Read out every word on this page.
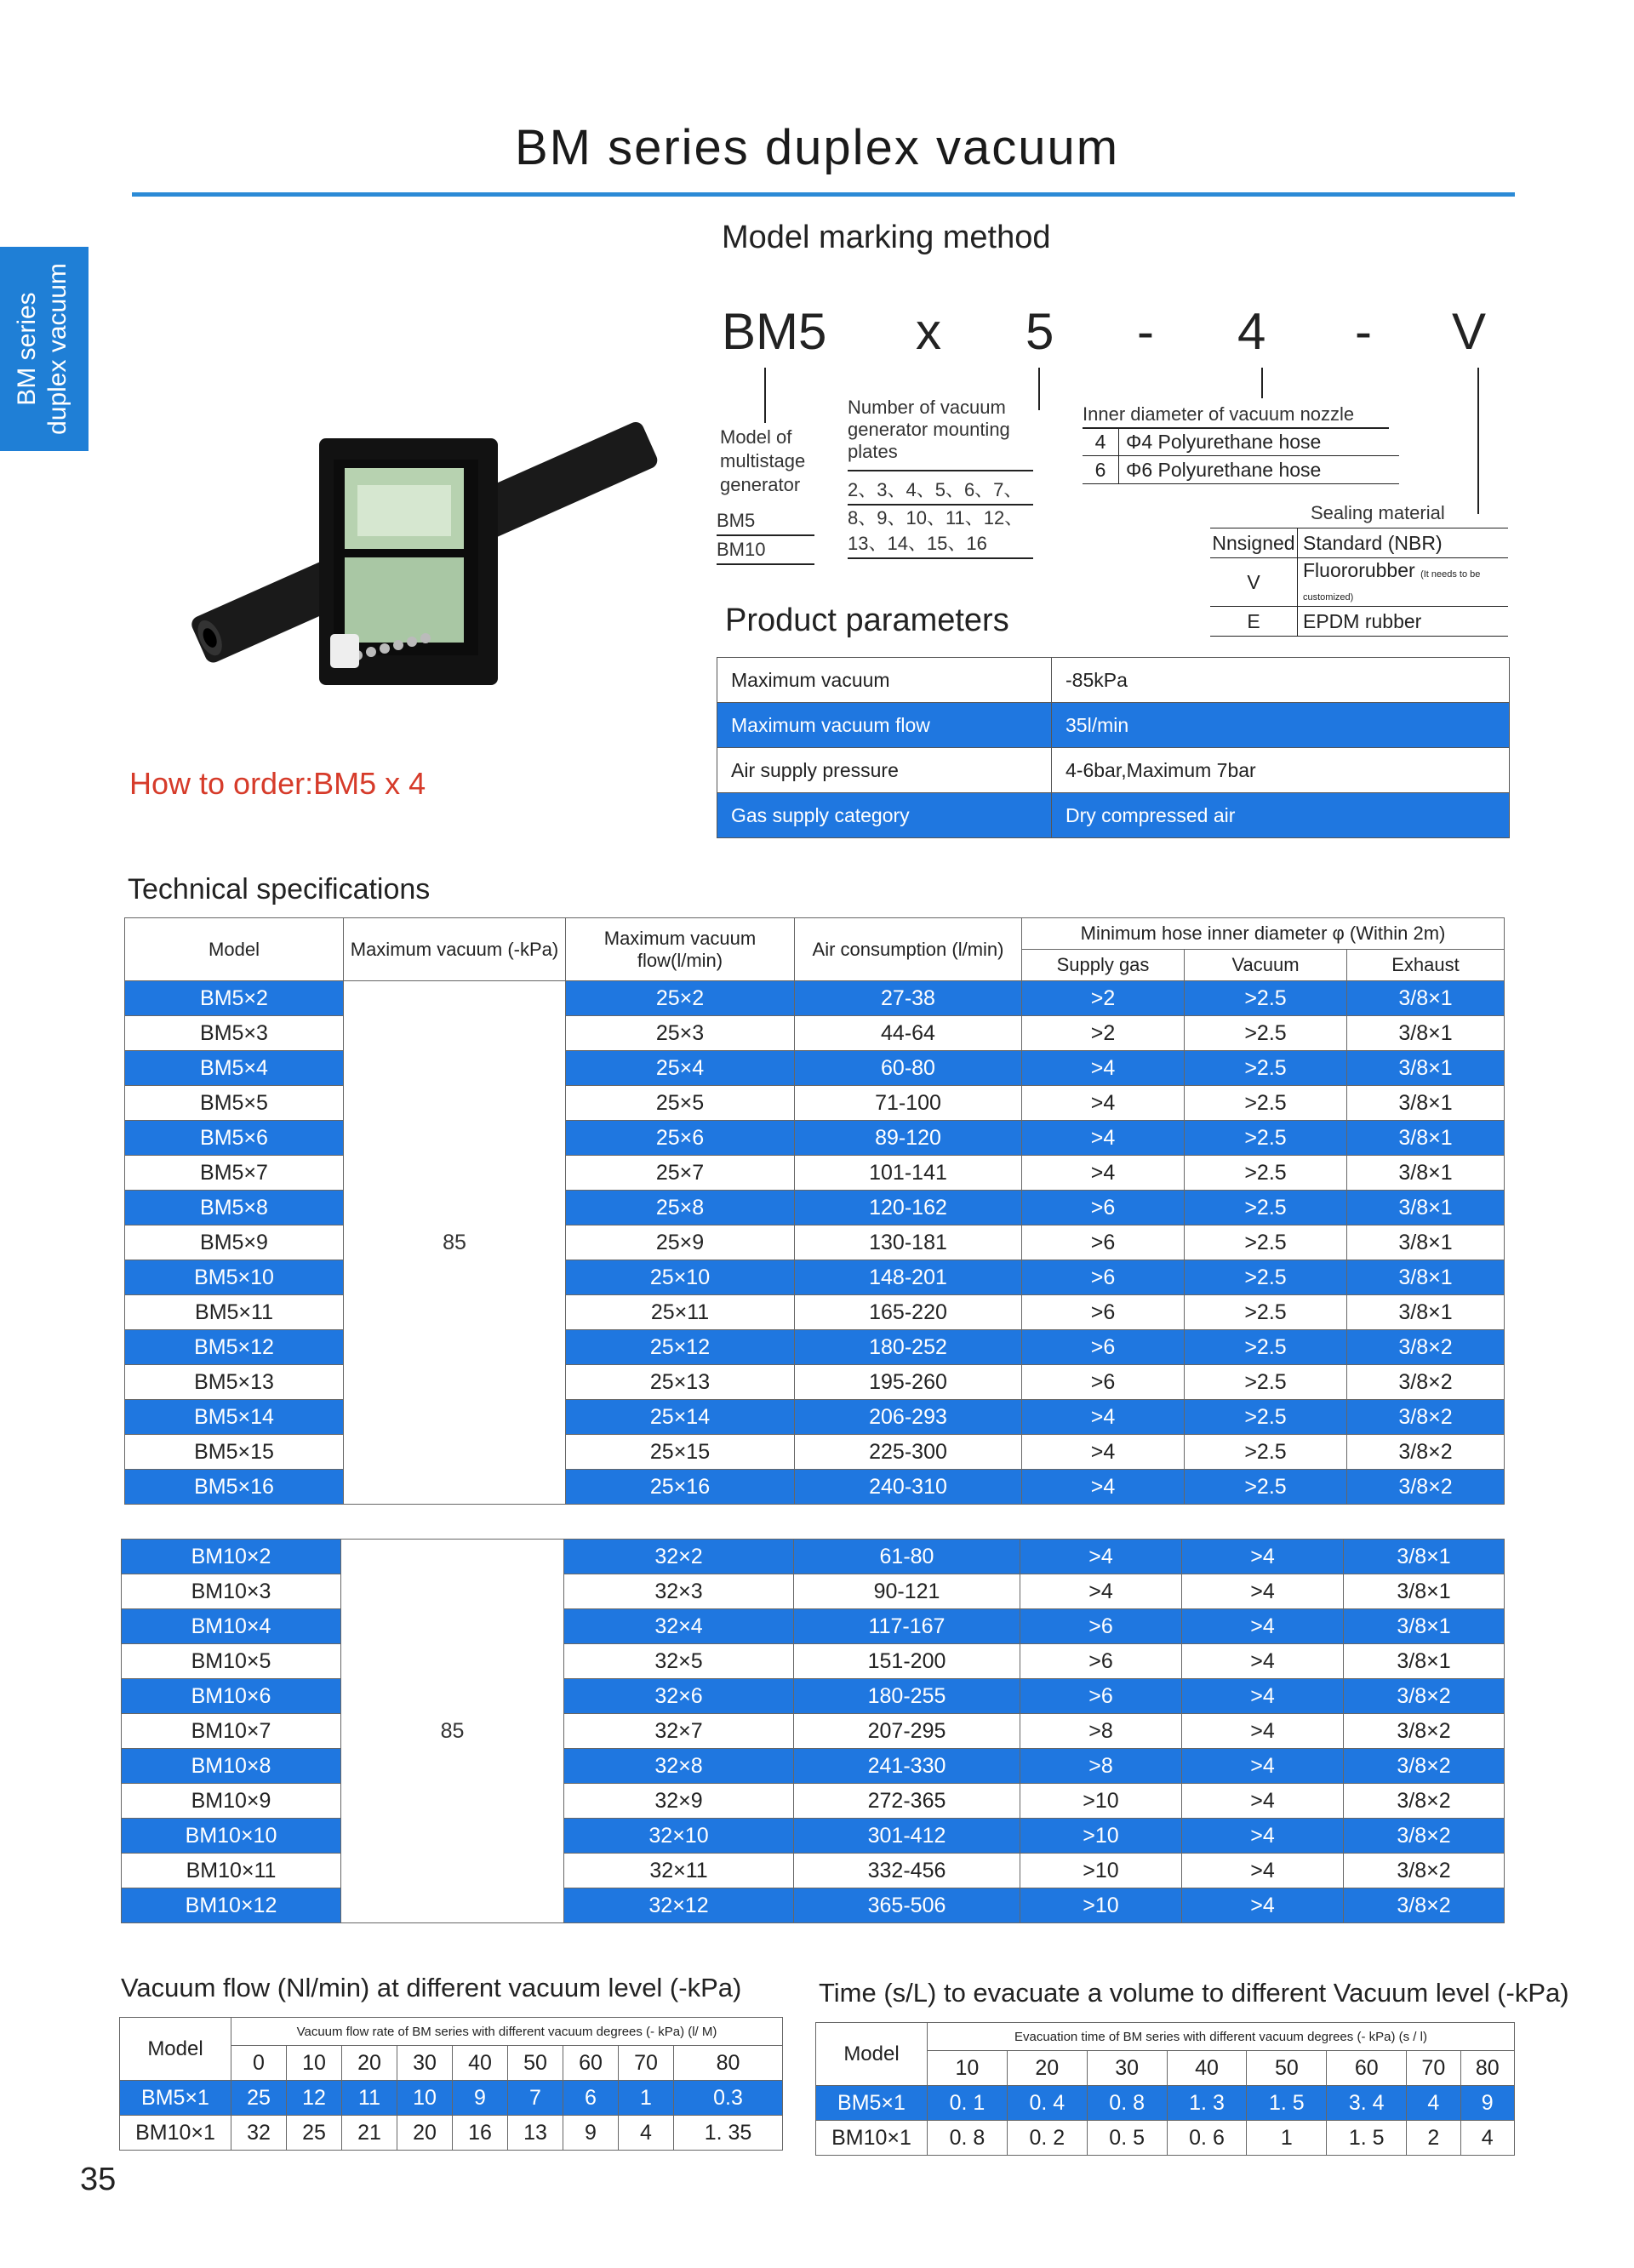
BM series duplex vacuum
BM series duplex vacuum
Model marking method
BM5 x 5 - 4 - V
Model of multistage generator
BM5
BM10
Number of vacuum generator mounting plates
2、3、4、5、6、7、
8、9、10、11、12、
13、14、15、16
Inner diameter of vacuum nozzle
4	Φ4 Polyurethane hose
6	Φ6 Polyurethane hose
Sealing material
Nnsigned	Standard (NBR)
V	Fluororubber (It needs to be customized)
E	EPDM rubber
How to order:BM5 x 4
Product parameters
Maximum vacuum	-85kPa
Maximum vacuum flow	35l/min
Air supply pressure	4-6bar,Maximum 7bar
Gas supply category	Dry compressed air
Technical specifications
Model	Maximum vacuum (-kPa)	Maximum vacuum flow(l/min)	Air consumption (l/min)	Minimum hose inner diameter φ (Within 2m)		
				Supply gas	Vacuum	Exhaust
BM5×2	85	25×2	27-38	>2	>2.5	3/8×1
BM5×3		25×3	44-64	>2	>2.5	3/8×1
BM5×4		25×4	60-80	>4	>2.5	3/8×1
BM5×5		25×5	71-100	>4	>2.5	3/8×1
BM5×6		25×6	89-120	>4	>2.5	3/8×1
BM5×7		25×7	101-141	>4	>2.5	3/8×1
BM5×8		25×8	120-162	>6	>2.5	3/8×1
BM5×9		25×9	130-181	>6	>2.5	3/8×1
BM5×10		25×10	148-201	>6	>2.5	3/8×1
BM5×11		25×11	165-220	>6	>2.5	3/8×1
BM5×12		25×12	180-252	>6	>2.5	3/8×2
BM5×13		25×13	195-260	>6	>2.5	3/8×2
BM5×14		25×14	206-293	>4	>2.5	3/8×2
BM5×15		25×15	225-300	>4	>2.5	3/8×2
BM5×16		25×16	240-310	>4	>2.5	3/8×2
BM10×2	85	32×2	61-80	>4	>4	3/8×1
BM10×3		32×3	90-121	>4	>4	3/8×1
BM10×4		32×4	117-167	>6	>4	3/8×1
BM10×5		32×5	151-200	>6	>4	3/8×1
BM10×6		32×6	180-255	>6	>4	3/8×2
BM10×7		32×7	207-295	>8	>4	3/8×2
BM10×8		32×8	241-330	>8	>4	3/8×2
BM10×9		32×9	272-365	>10	>4	3/8×2
BM10×10		32×10	301-412	>10	>4	3/8×2
BM10×11		32×11	332-456	>10	>4	3/8×2
BM10×12		32×12	365-506	>10	>4	3/8×2
Vacuum flow (Nl/min) at different vacuum level (-kPa)
Model	Vacuum flow rate of BM series with different vacuum degrees (- kPa) (l/ M)								
	0	10	20	30	40	50	60	70	80
BM5×1	25	12	11	10	9	7	6	1	0.3
BM10×1	32	25	21	20	16	13	9	4	1. 35
Time (s/L) to evacuate a volume to different Vacuum level (-kPa)
Model	Evacuation time of BM series with different vacuum degrees (- kPa) (s / l)							
	10	20	30	40	50	60	70	80
BM5×1	0. 1	0. 4	0. 8	1. 3	1. 5	3. 4	4	9
BM10×1	0. 8	0. 2	0. 5	0. 6	1	1. 5	2	4
35
